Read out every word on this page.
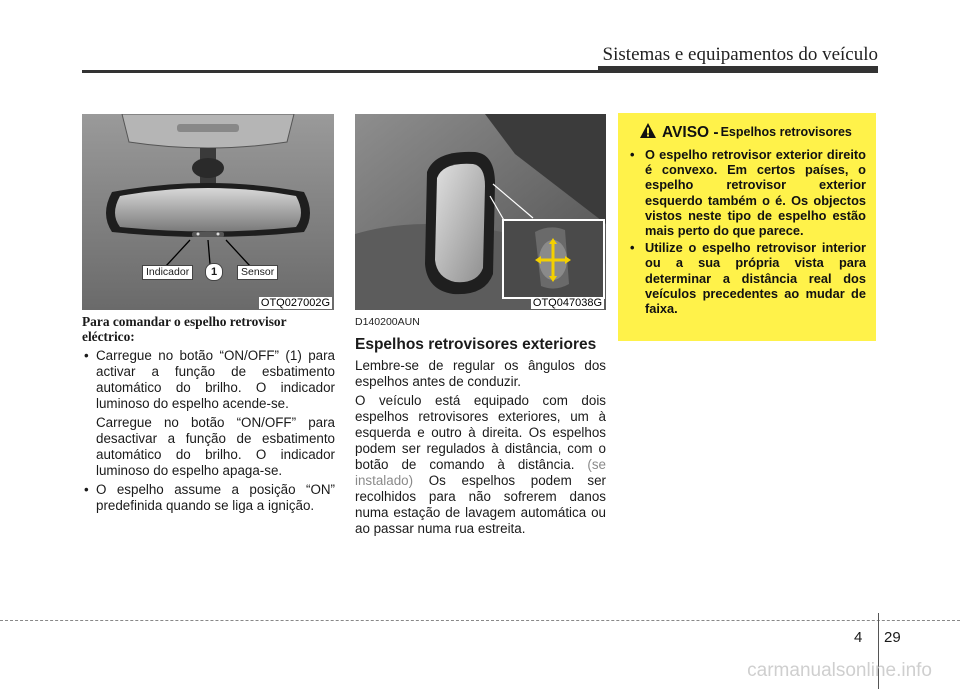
Sistemas e equipamentos do veículo
Indicador	1	Sensor
OTQ027002G	OTQ047038G
Para comandar o espelho retrovisor eléctrico:
• Carregue no botão “ON/OFF” (1) para activar a função de esbatimento automático do brilho. O indicador luminoso do espelho acende-se.
Carregue no botão “ON/OFF” para desactivar a função de esbatimento automático do brilho. O indicador luminoso do espelho apaga-se.
• O espelho assume a posição “ON” predefinida quando se liga a ignição.
D140200AUN
Espelhos retrovisores exteriores
Lembre-se de regular os ângulos dos espelhos antes de conduzir.
O veículo está equipado com dois espelhos retrovisores exteriores, um à esquerda e outro à direita. Os espelhos podem ser regulados à distância, com o botão de comando à distância. (se instalado) Os espelhos podem ser recolhidos para não sofrerem danos numa estação de lavagem automática ou ao passar numa rua estreita.
AVISO - Espelhos retrovisores
• O espelho retrovisor exterior direito é convexo. Em certos países, o espelho retrovisor exterior esquerdo também o é. Os objectos vistos neste tipo de espelho estão mais perto do que parece.
• Utilize o espelho retrovisor interior ou a sua própria vista para determinar a distância real dos veículos precedentes ao mudar de faixa.
4 29
carmanualsonline.info
